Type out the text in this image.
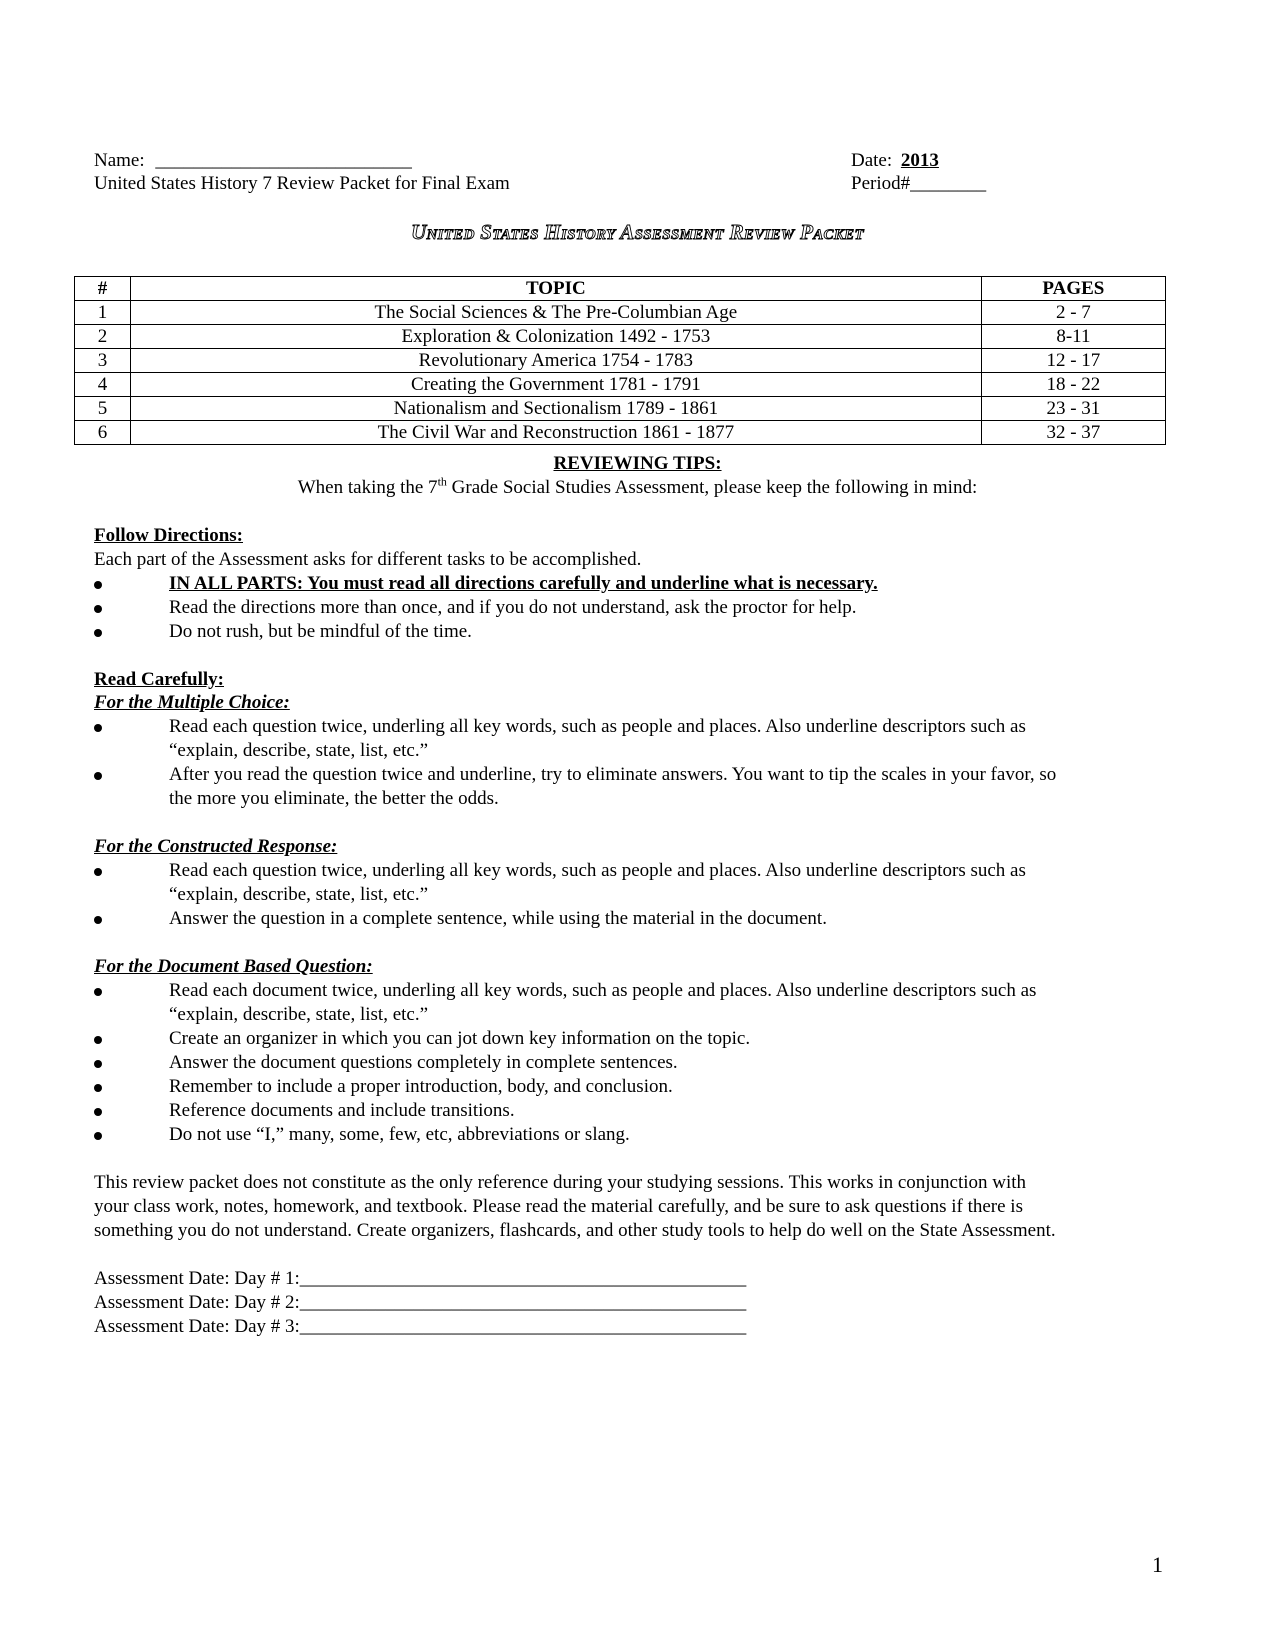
Name: ___________________________
United States History 7 Review Packet for Final Exam
Date: 2013
Period#________
United States History Assessment Review Packet
#	TOPIC	PAGES
1	The Social Sciences & The Pre-Columbian Age	2 - 7
2	Exploration & Colonization 1492 - 1753	8-11
3	Revolutionary America 1754 - 1783	12 - 17
4	Creating the Government 1781 - 1791	18 - 22
5	Nationalism and Sectionalism 1789 - 1861	23 - 31
6	The Civil War and Reconstruction 1861 - 1877	32 - 37
REVIEWING TIPS:
When taking the 7th Grade Social Studies Assessment, please keep the following in mind:
Follow Directions:
Each part of the Assessment asks for different tasks to be accomplished.
IN ALL PARTS: You must read all directions carefully and underline what is necessary.
Read the directions more than once, and if you do not understand, ask the proctor for help.
Do not rush, but be mindful of the time.
Read Carefully:
For the Multiple Choice:
Read each question twice, underling all key words, such as people and places. Also underline descriptors such as
“explain, describe, state, list, etc.”
After you read the question twice and underline, try to eliminate answers. You want to tip the scales in your favor, so
the more you eliminate, the better the odds.
For the Constructed Response:
Read each question twice, underling all key words, such as people and places. Also underline descriptors such as
“explain, describe, state, list, etc.”
Answer the question in a complete sentence, while using the material in the document.
For the Document Based Question:
Read each document twice, underling all key words, such as people and places. Also underline descriptors such as
“explain, describe, state, list, etc.”
Create an organizer in which you can jot down key information on the topic.
Answer the document questions completely in complete sentences.
Remember to include a proper introduction, body, and conclusion.
Reference documents and include transitions.
Do not use “I,” many, some, few, etc, abbreviations or slang.
This review packet does not constitute as the only reference during your studying sessions. This works in conjunction with
your class work, notes, homework, and textbook. Please read the material carefully, and be sure to ask questions if there is
something you do not understand. Create organizers, flashcards, and other study tools to help do well on the State Assessment.
Assessment Date: Day # 1:_______________________________________________
Assessment Date: Day # 2:_______________________________________________
Assessment Date: Day # 3:_______________________________________________
1
